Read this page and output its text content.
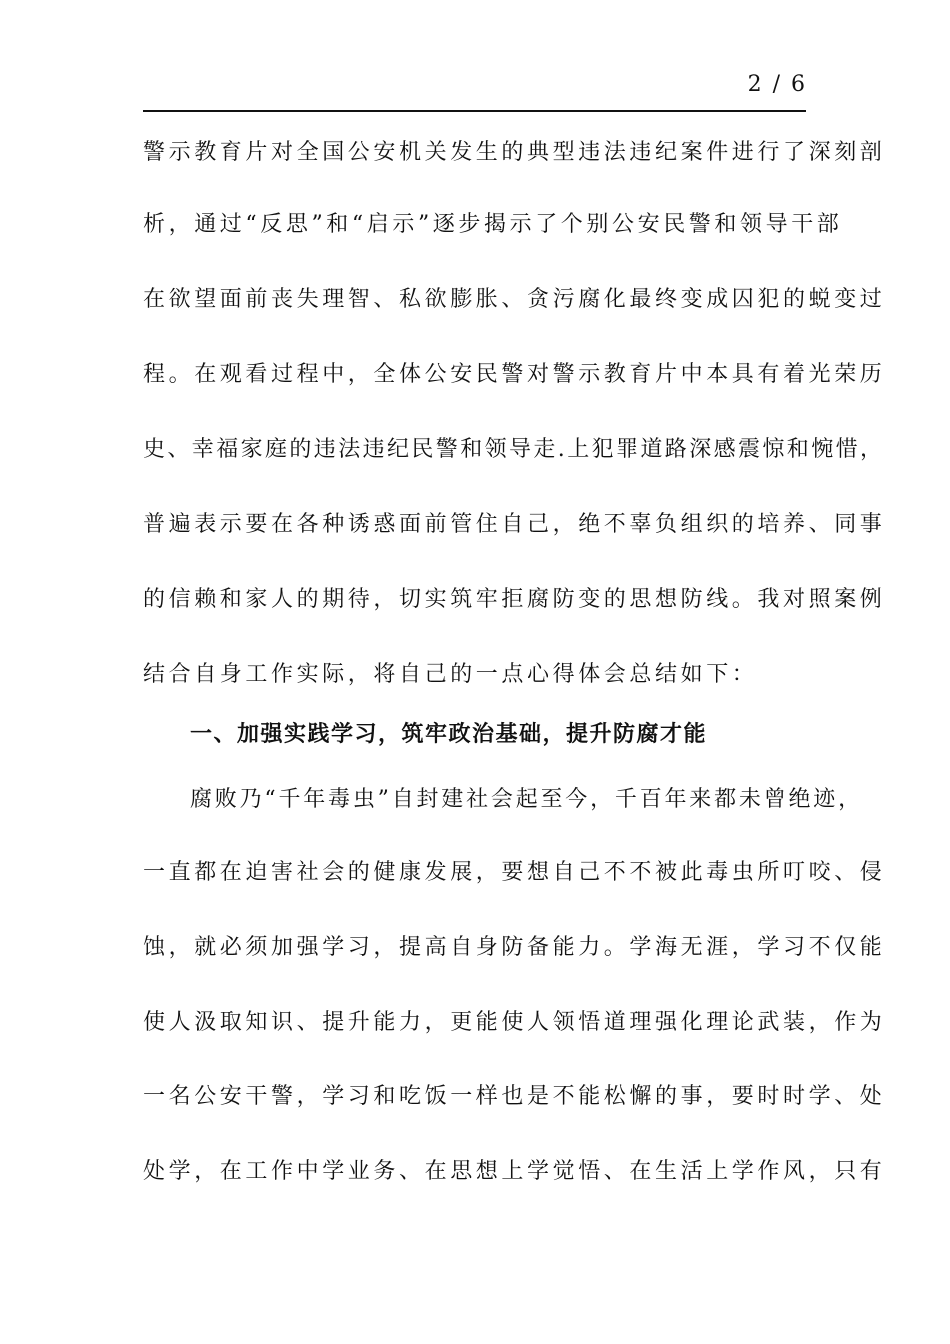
2 / 6
警示教育片对全国公安机关发生的典型违法违纪案件进行了深刻剖
析，通过“反思”和“启示”逐步揭示了个别公安民警和领导干部
在欲望面前丧失理智、私欲膨胀、贪污腐化最终变成囚犯的蜕变过
程。在观看过程中，全体公安民警对警示教育片中本具有着光荣历
史、幸福家庭的违法违纪民警和领导走.上犯罪道路深感震惊和惋惜，
普遍表示要在各种诱惑面前管住自己，绝不辜负组织的培养、同事
的信赖和家人的期待，切实筑牢拒腐防变的思想防线。我对照案例
结合自身工作实际，将自己的一点心得体会总结如下：
一、加强实践学习，筑牢政治基础，提升防腐才能
腐败乃“千年毒虫”自封建社会起至今，千百年来都未曾绝迹，
一直都在迫害社会的健康发展，要想自己不不被此毒虫所叮咬、侵
蚀，就必须加强学习，提高自身防备能力。学海无涯，学习不仅能
使人汲取知识、提升能力，更能使人领悟道理强化理论武装，作为
一名公安干警，学习和吃饭一样也是不能松懈的事，要时时学、处
处学，在工作中学业务、在思想上学觉悟、在生活上学作风，只有
